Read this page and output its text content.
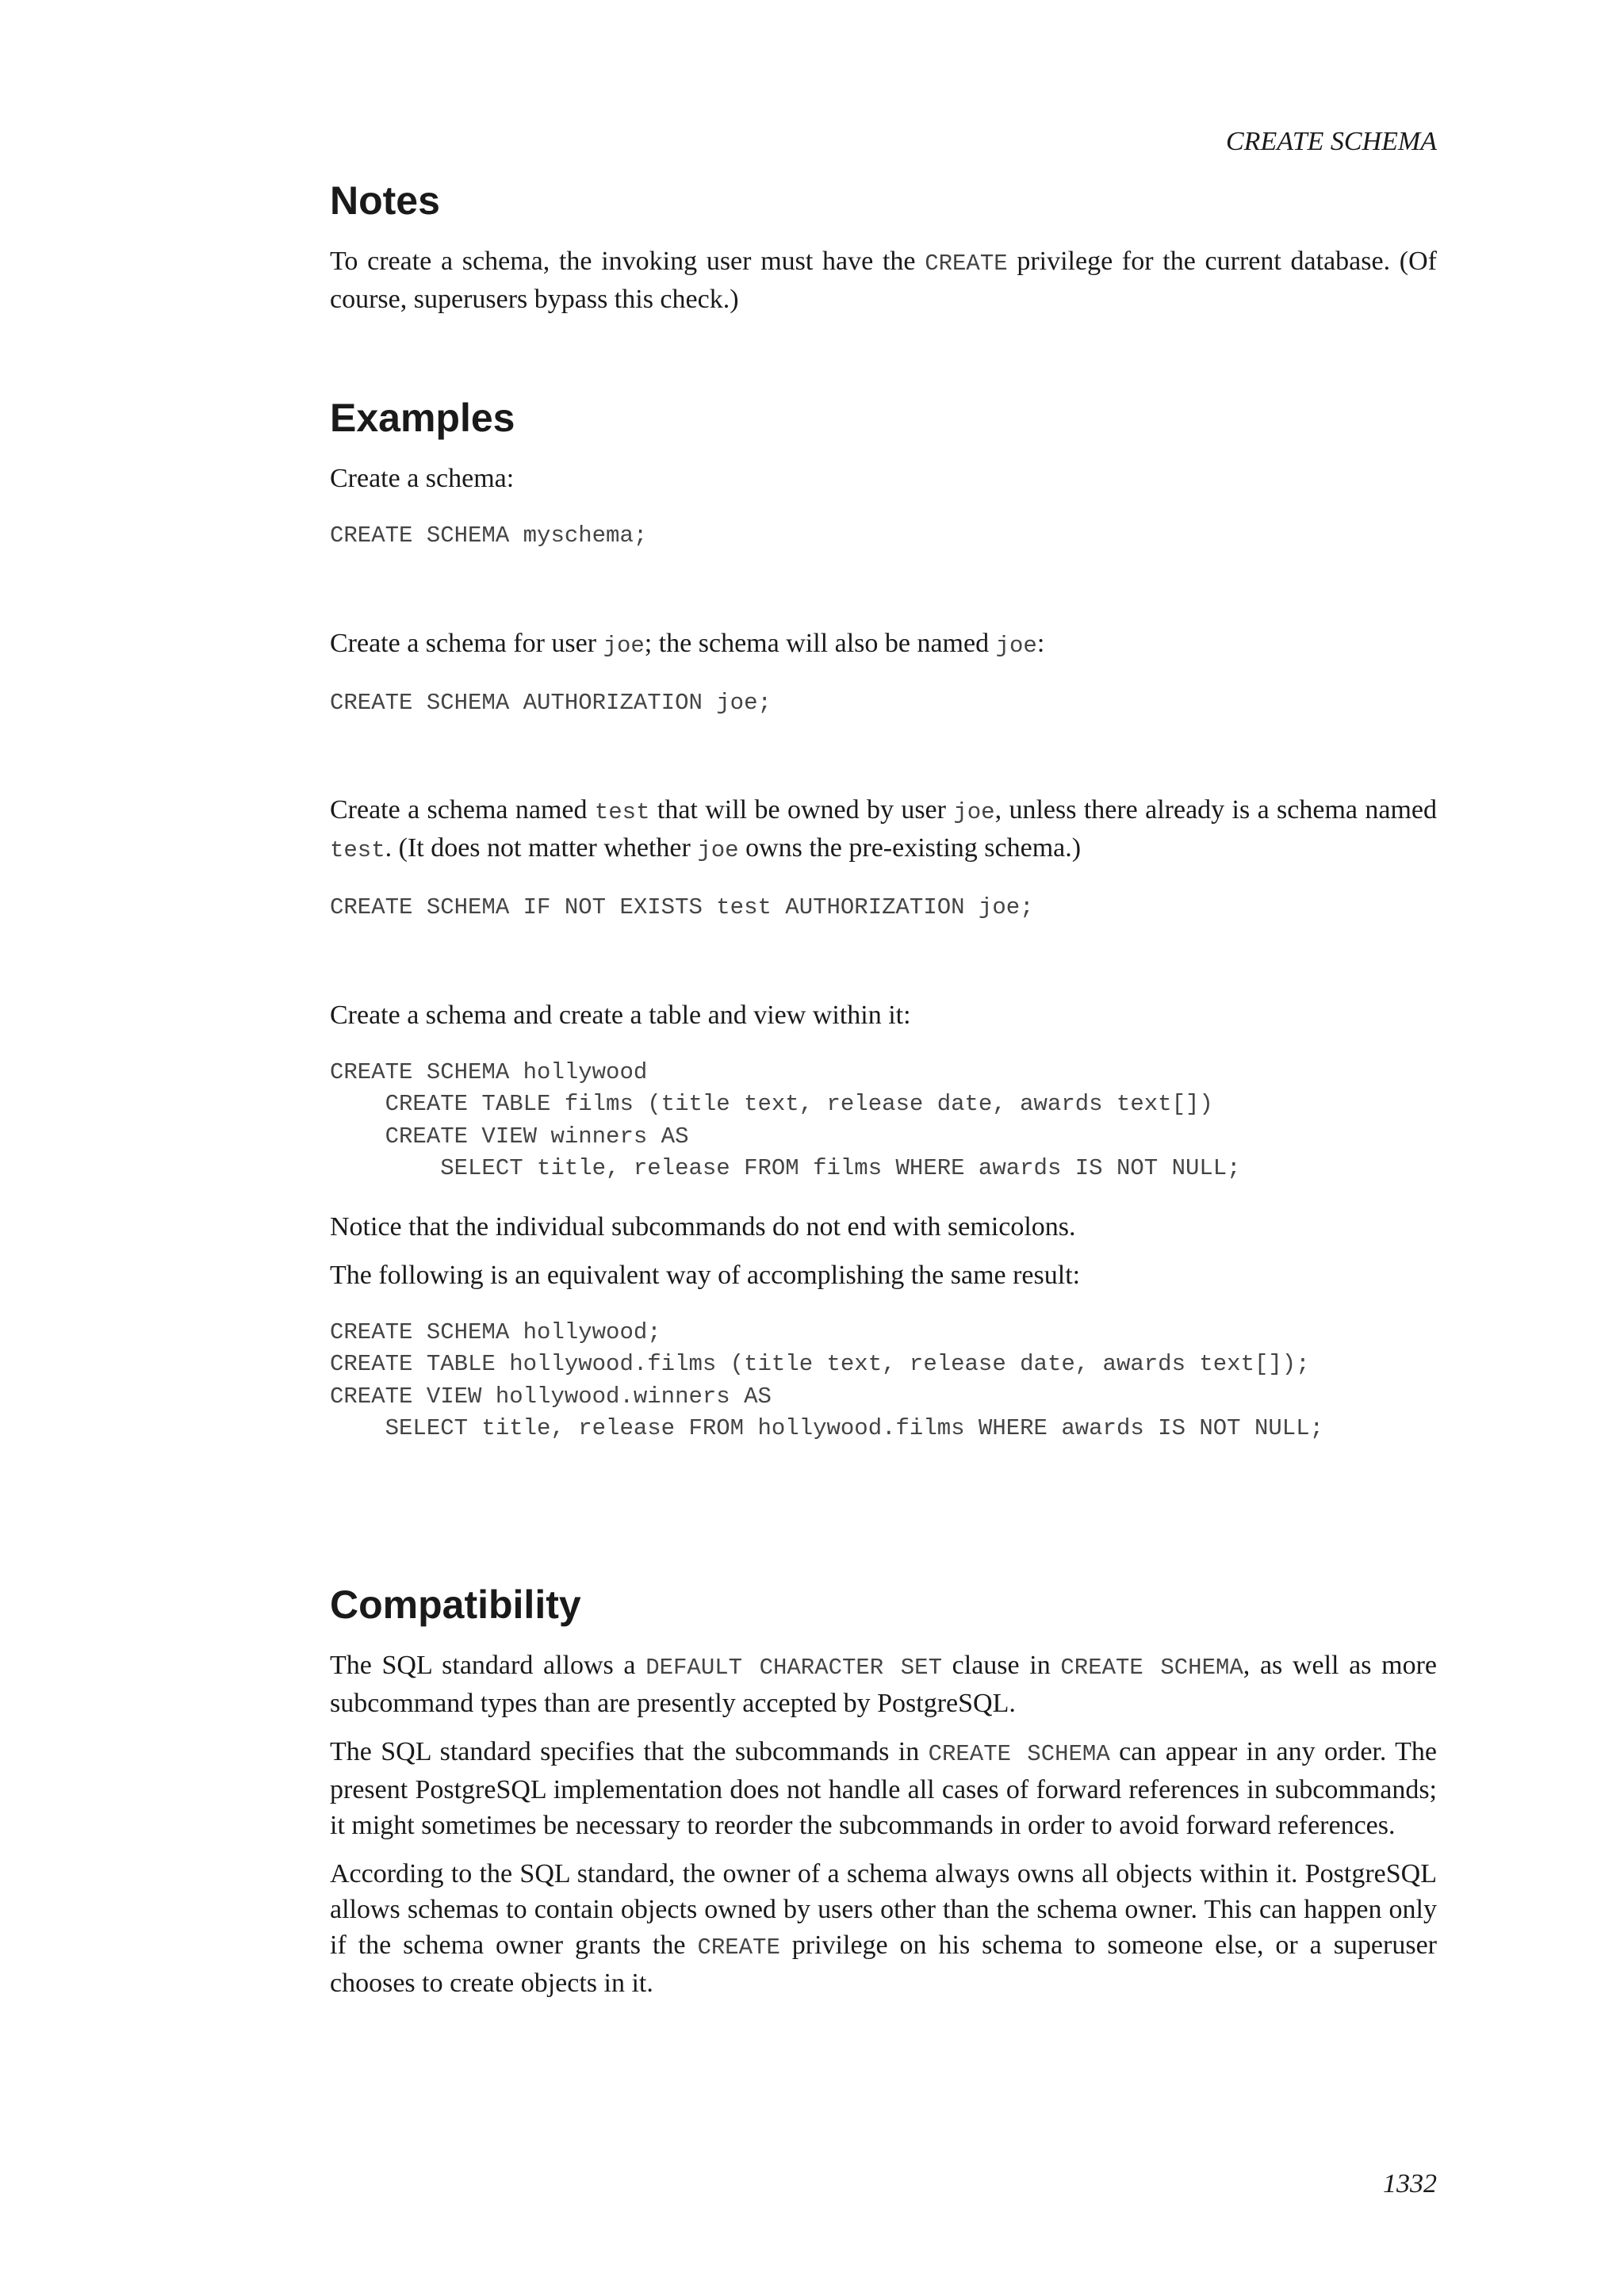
CREATE SCHEMA
Notes

To create a schema, the invoking user must have the CREATE privilege for the current database. (Of course, superusers bypass this check.)

Examples

Create a schema:

CREATE SCHEMA myschema;

Create a schema for user joe; the schema will also be named joe:

CREATE SCHEMA AUTHORIZATION joe;

Create a schema named test that will be owned by user joe, unless there already is a schema named test. (It does not matter whether joe owns the pre-existing schema.)

CREATE SCHEMA IF NOT EXISTS test AUTHORIZATION joe;

Create a schema and create a table and view within it:

CREATE SCHEMA hollywood
CREATE TABLE films (title text, release date, awards text[])
CREATE VIEW winners AS
SELECT title, release FROM films WHERE awards IS NOT NULL;

Notice that the individual subcommands do not end with semicolons.

The following is an equivalent way of accomplishing the same result:

CREATE SCHEMA hollywood;
CREATE TABLE hollywood.films (title text, release date, awards text[]);
CREATE VIEW hollywood.winners AS
SELECT title, release FROM hollywood.films WHERE awards IS NOT NULL;
Compatibility

The SQL standard allows a DEFAULT CHARACTER SET clause in CREATE SCHEMA, as well as more subcommand types than are presently accepted by PostgreSQL.

The SQL standard specifies that the subcommands in CREATE SCHEMA can appear in any order. The present PostgreSQL implementation does not handle all cases of forward references in subcommands; it might sometimes be necessary to reorder the subcommands in order to avoid forward references.

According to the SQL standard, the owner of a schema always owns all objects within it. PostgreSQL allows schemas to contain objects owned by users other than the schema owner. This can happen only if the schema owner grants the CREATE privilege on his schema to someone else, or a superuser chooses to create objects in it.

1332
